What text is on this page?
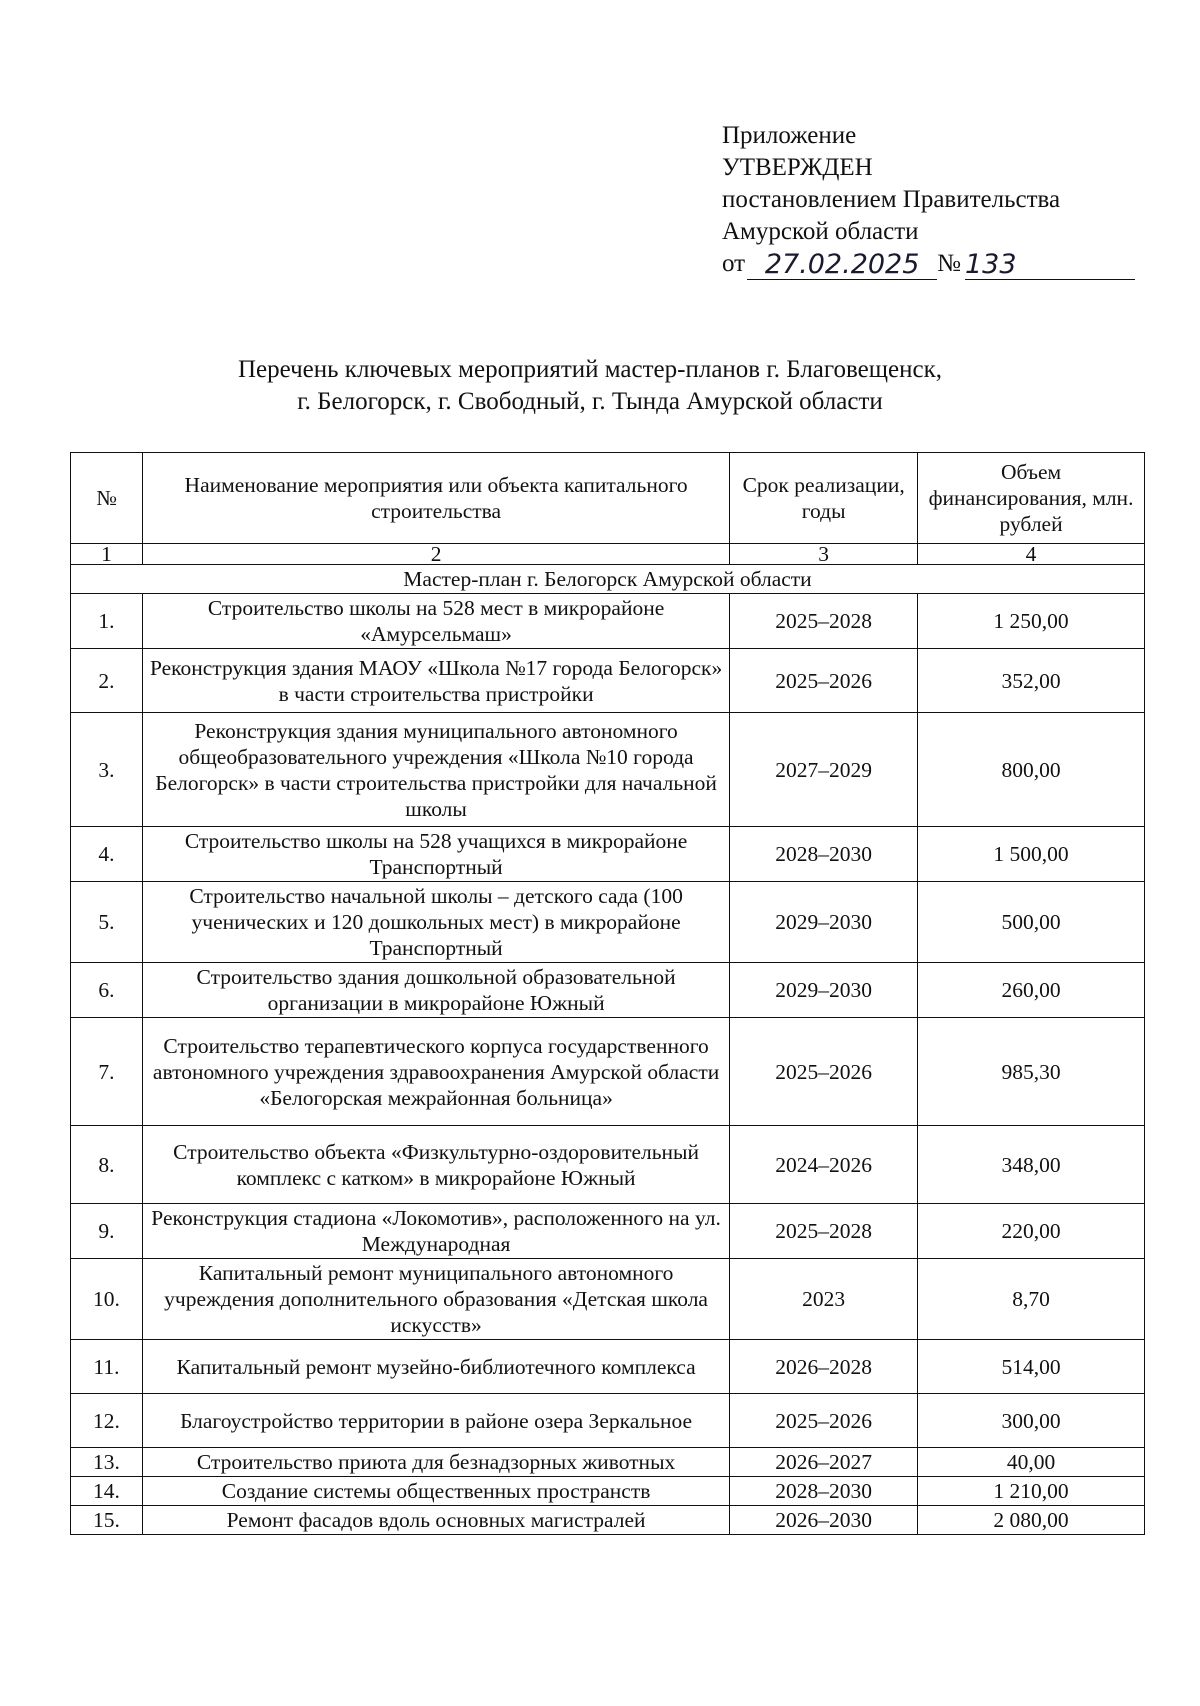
Приложение
УТВЕРЖДЕН
постановлением Правительства
Амурской области
от 27.02.2025 № 133
Перечень ключевых мероприятий мастер-планов г. Благовещенск,
г. Белогорск, г. Свободный, г. Тында Амурской области
№	Наименование мероприятия или объекта капитального строительства	Срок реализации, годы	Объем финансирования, млн. рублей
1	2	3	4
Мастер-план г. Белогорск Амурской области			
1.	Строительство школы на 528 мест в микрорайоне «Амурсельмаш»	2025–2028	1 250,00
2.	Реконструкция здания МАОУ «Школа №17 города Белогорск» в части строительства пристройки	2025–2026	352,00
3.	Реконструкция здания муниципального автономного общеобразовательного учреждения «Школа №10 города Белогорск» в части строительства пристройки для начальной школы	2027–2029	800,00
4.	Строительство школы на 528 учащихся в микрорайоне Транспортный	2028–2030	1 500,00
5.	Строительство начальной школы – детского сада (100 ученических и 120 дошкольных мест) в микрорайоне Транспортный	2029–2030	500,00
6.	Строительство здания дошкольной образовательной организации в микрорайоне Южный	2029–2030	260,00
7.	Строительство терапевтического корпуса государственного автономного учреждения здравоохранения Амурской области «Белогорская межрайонная больница»	2025–2026	985,30
8.	Строительство объекта «Физкультурно-оздоровительный комплекс с катком» в микрорайоне Южный	2024–2026	348,00
9.	Реконструкция стадиона «Локомотив», расположенного на ул. Международная	2025–2028	220,00
10.	Капитальный ремонт муниципального автономного учреждения дополнительного образования «Детская школа искусств»	2023	8,70
11.	Капитальный ремонт музейно-библиотечного комплекса	2026–2028	514,00
12.	Благоустройство территории в районе озера Зеркальное	2025–2026	300,00
13.	Строительство приюта для безнадзорных животных	2026–2027	40,00
14.	Создание системы общественных пространств	2028–2030	1 210,00
15.	Ремонт фасадов вдоль основных магистралей	2026–2030	2 080,00
